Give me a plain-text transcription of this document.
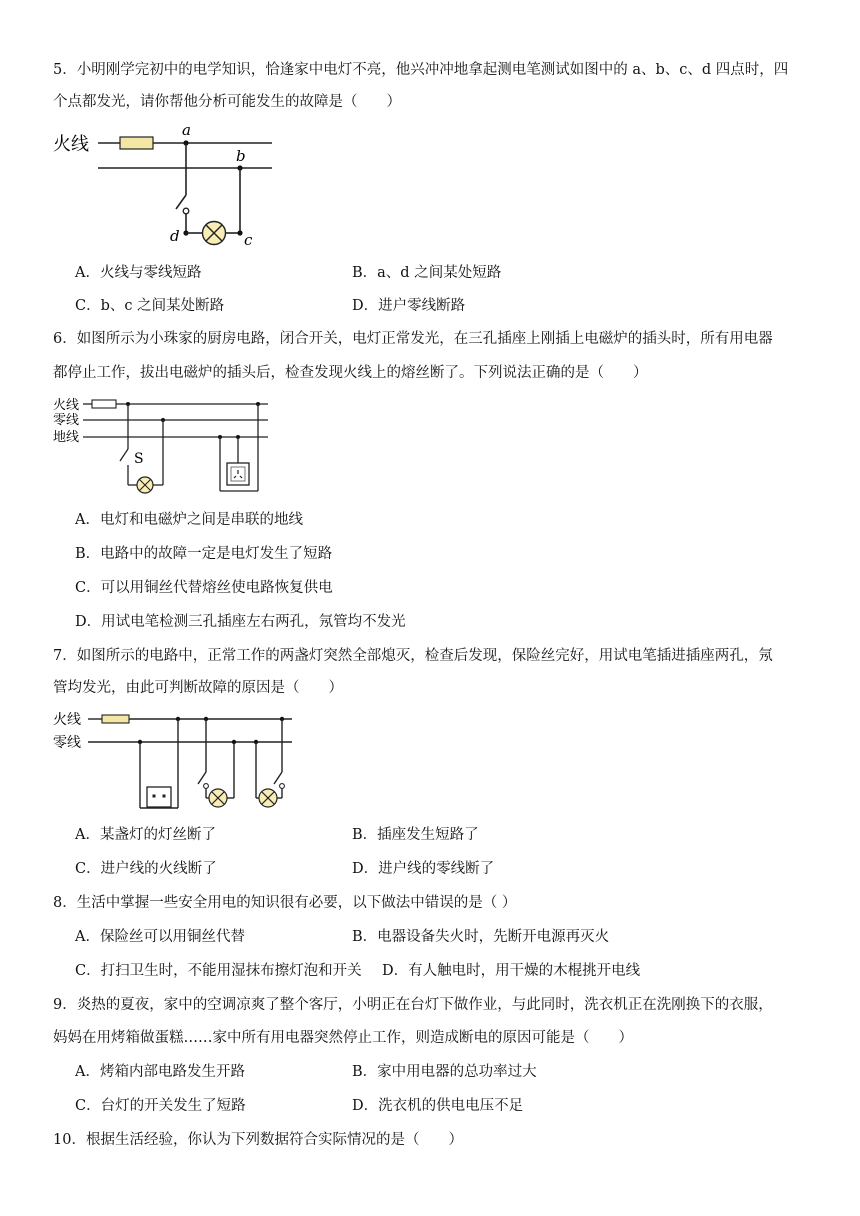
5．小明刚学完初中的电学知识，恰逢家中电灯不亮，他兴冲冲地拿起测电笔测试如图中的 a、b、c、d 四点时，四
个点都发光，请你帮他分析可能发生的故障是（　　）
火线
a
b
d	c
A．火线与零线短路	B．a、d 之间某处短路
C．b、c 之间某处断路	D．进户零线断路
6．如图所示为小珠家的厨房电路，闭合开关，电灯正常发光，在三孔插座上刚插上电磁炉的插头时，所有用电器
都停止工作，拔出电磁炉的插头后，检查发现火线上的熔丝断了。下列说法正确的是（　　）
火线
零线
地线
S
A．电灯和电磁炉之间是串联的地线
B．电路中的故障一定是电灯发生了短路
C．可以用铜丝代替熔丝使电路恢复供电
D．用试电笔检测三孔插座左右两孔，氖管均不发光
7．如图所示的电路中，正常工作的两盏灯突然全部熄灭，检查后发现，保险丝完好，用试电笔插进插座两孔，氖
管均发光，由此可判断故障的原因是（　　）
火线
零线
A．某盏灯的灯丝断了	B．插座发生短路了
C．进户线的火线断了	D．进户线的零线断了
8．生活中掌握一些安全用电的知识很有必要，以下做法中错误的是（ ）
A．保险丝可以用铜丝代替	B．电器设备失火时，先断开电源再灭火
C．打扫卫生时，不能用湿抹布擦灯泡和开关 D．有人触电时，用干燥的木棍挑开电线
9．炎热的夏夜，家中的空调凉爽了整个客厅，小明正在台灯下做作业，与此同时，洗衣机正在洗刚换下的衣服，
妈妈在用烤箱做蛋糕……家中所有用电器突然停止工作，则造成断电的原因可能是（　　）
A．烤箱内部电路发生开路	B．家中用电器的总功率过大
C．台灯的开关发生了短路	D．洗衣机的供电电压不足
10．根据生活经验，你认为下列数据符合实际情况的是（　　）
